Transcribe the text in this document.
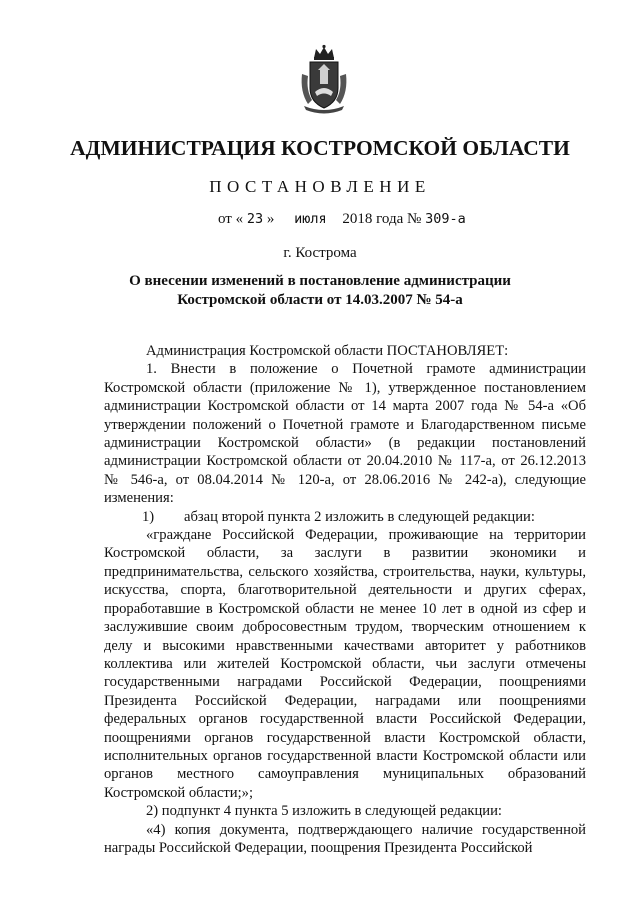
АДМИНИСТРАЦИЯ КОСТРОМСКОЙ ОБЛАСТИ
ПОСТАНОВЛЕНИЕ
от « 23 » июля 2018 года № 309-а
г. Кострома
О внесении изменений в постановление администрации
Костромской области от 14.03.2007 № 54-а

Администрация Костромской области ПОСТАНОВЛЯЕТ:

1. Внести в положение о Почетной грамоте администрации Костромской области (приложение № 1), утвержденное постановлением администрации Костромской области от 14 марта 2007 года № 54-а «Об утверждении положений о Почетной грамоте и Благодарственном письме администрации Костромской области» (в редакции постановлений администрации Костромской области от 20.04.2010 № 117-а, от 26.12.2013 № 546-а, от 08.04.2014 № 120-а, от 28.06.2016 № 242-а), следующие изменения:

1) абзац второй пункта 2 изложить в следующей редакции:

«граждане Российской Федерации, проживающие на территории Костромской области, за заслуги в развитии экономики и предпринимательства, сельского хозяйства, строительства, науки, культуры, искусства, спорта, благотворительной деятельности и других сферах, проработавшие в Костромской области не менее 10 лет в одной из сфер и заслужившие своим добросовестным трудом, творческим отношением к делу и высокими нравственными качествами авторитет у работников коллектива или жителей Костромской области, чьи заслуги отмечены государственными наградами Российской Федерации, поощрениями Президента Российской Федерации, наградами или поощрениями федеральных органов государственной власти Российской Федерации, поощрениями органов государственной власти Костромской области, исполнительных органов государственной власти Костромской области или органов местного самоуправления муниципальных образований Костромской области;»;

2) подпункт 4 пункта 5 изложить в следующей редакции:

«4) копия документа, подтверждающего наличие государственной награды Российской Федерации, поощрения Президента Российской
